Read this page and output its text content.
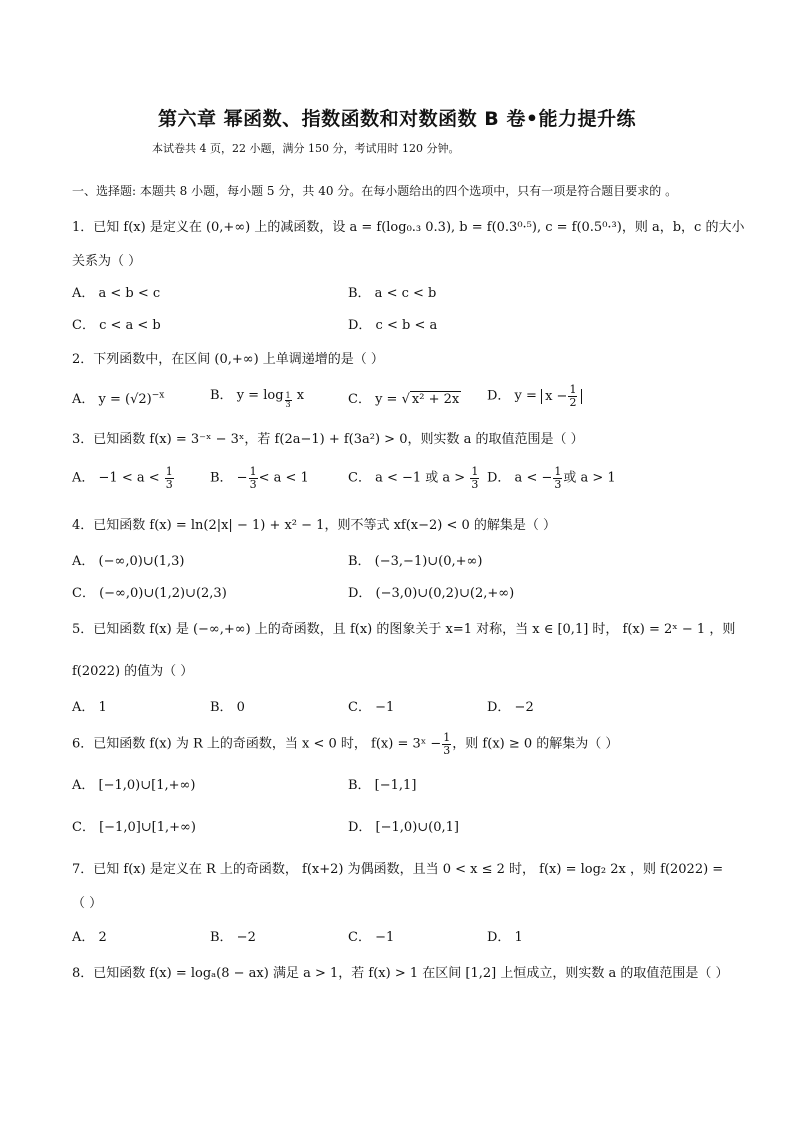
第六章 幂函数、指数函数和对数函数 B 卷•能力提升练
本试卷共 4 页，22 小题，满分 150 分，考试用时 120 分钟。
一、选择题: 本题共 8 小题，每小题 5 分，共 40 分。在每小题给出的四个选项中，只有一项是符合题目要求的 。
1．已知 f(x) 是定义在 (0,+∞) 上的减函数，设 a = f(log₀.₃ 0.3), b = f(0.3⁰·⁵), c = f(0.5⁰·³)，则 a，b，c 的大小
关系为（ ）
A． a < b < c	B． a < c < b
C． c < a < b	D． c < b < a
2．下列函数中，在区间 (0,+∞) 上单调递增的是（ ）
A． $y = (√2)^{-x}$	B． $y = \log \frac{1}{3}$ x	C． y = √ x² + 2x D． $y = x - \frac{1}{2}$
3．已知函数 f(x) = 3⁻ˣ − 3ˣ，若 f(2a−1) + f(3a²) > 0，则实数 a 的取值范围是（ ）
A． $-1 < a < \frac{1}{3}$	B． − $\frac{1}{3} < a < 1$	C． a < −1 或 $a > \frac{1}{3}$ D． a < − $\frac{1}{3}$ 或 a > 1
4．已知函数 f(x) = ln(2|x| − 1) + x² − 1，则不等式 xf(x−2) < 0 的解集是（ ）
A． (−∞,0)∪(1,3)	B． (−3,−1)∪(0,+∞)
C． (−∞,0)∪(1,2)∪(2,3)	D． (−3,0)∪(0,2)∪(2,+∞)
5．已知函数 f(x) 是 (−∞,+∞) 上的奇函数，且 f(x) 的图象关于 x=1 对称，当 x ∈ [0,1] 时， f(x) = 2ˣ − 1 ，则
f(2022) 的值为（ ）
A． 1	B． 0	C． −1	D． −2
6．已知函数 f(x) 为 R 上的奇函数，当 x < 0 时， f(x) = 3ˣ − $\frac{1}{3}$ ，则 f(x) ≥ 0 的解集为（ ）
A． [−1,0)∪[1,+∞)	B． [−1,1]
C． [−1,0]∪[1,+∞)	D． [−1,0)∪(0,1]
7．已知 f(x) 是定义在 R 上的奇函数， f(x+2) 为偶函数，且当 0 < x ≤ 2 时， f(x) = log₂ 2x ，则 f(2022) =
（ ）
A． 2	B． −2	C． −1	D． 1
8．已知函数 f(x) = logₐ(8 − ax) 满足 a > 1，若 f(x) > 1 在区间 [1,2] 上恒成立，则实数 a 的取值范围是（ ）
